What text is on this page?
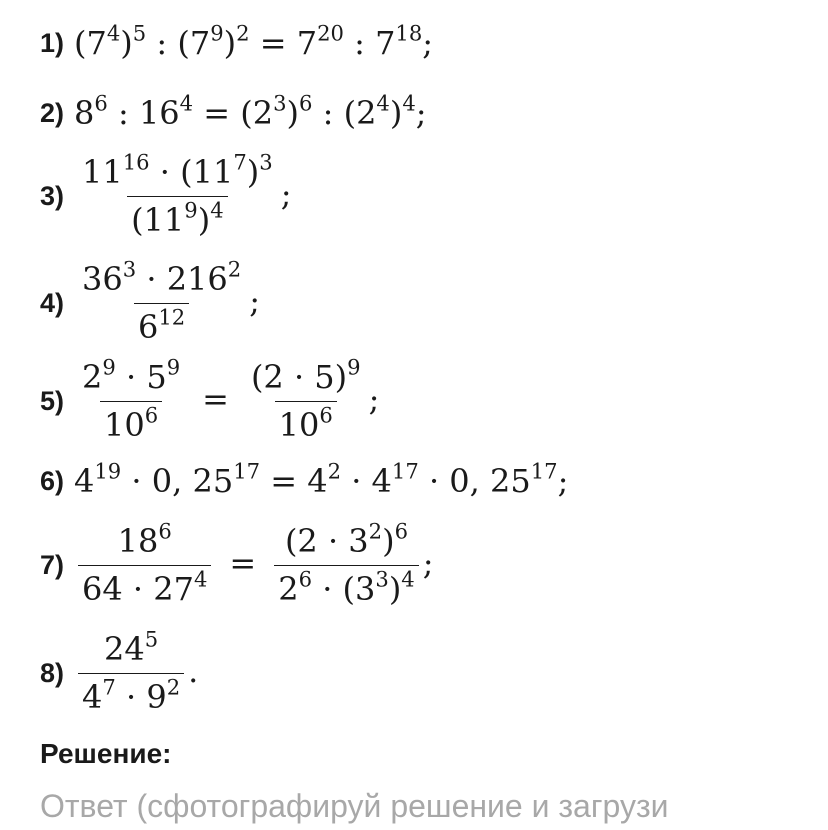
1) $(7^4)^5$ : $(7^9)^2 = 7^{20}$ : $7^{18}$;
2) $8^6$ : $16^4 = (2^3)^6$ : $(2^4)^4$;
$3) \frac{11^{16} \cdot (11^7)^3}{(11^9)^4}$ ;
$4) \frac{36^3 \cdot 216^2}{6^{12}}$ ;
$5) \frac{2^9 \cdot 5^9}{10^6} = \frac{(2 \cdot 5)^9}{10^6}$ ;
6) $4^{19} \cdot 0$, $25^{17} = 4^2 \cdot 4^{17} \cdot 0$, $25^{17}$;
$7) \frac{18^6}{64 \cdot 27^4} = \frac{(2 \cdot 3^2)^6}{2^6 \cdot (3^3)^4}$ ;
$8) \frac{24^5}{4^7 \cdot 9^2}$ .
Решение:
Ответ (сфотографируй решение и загрузи
